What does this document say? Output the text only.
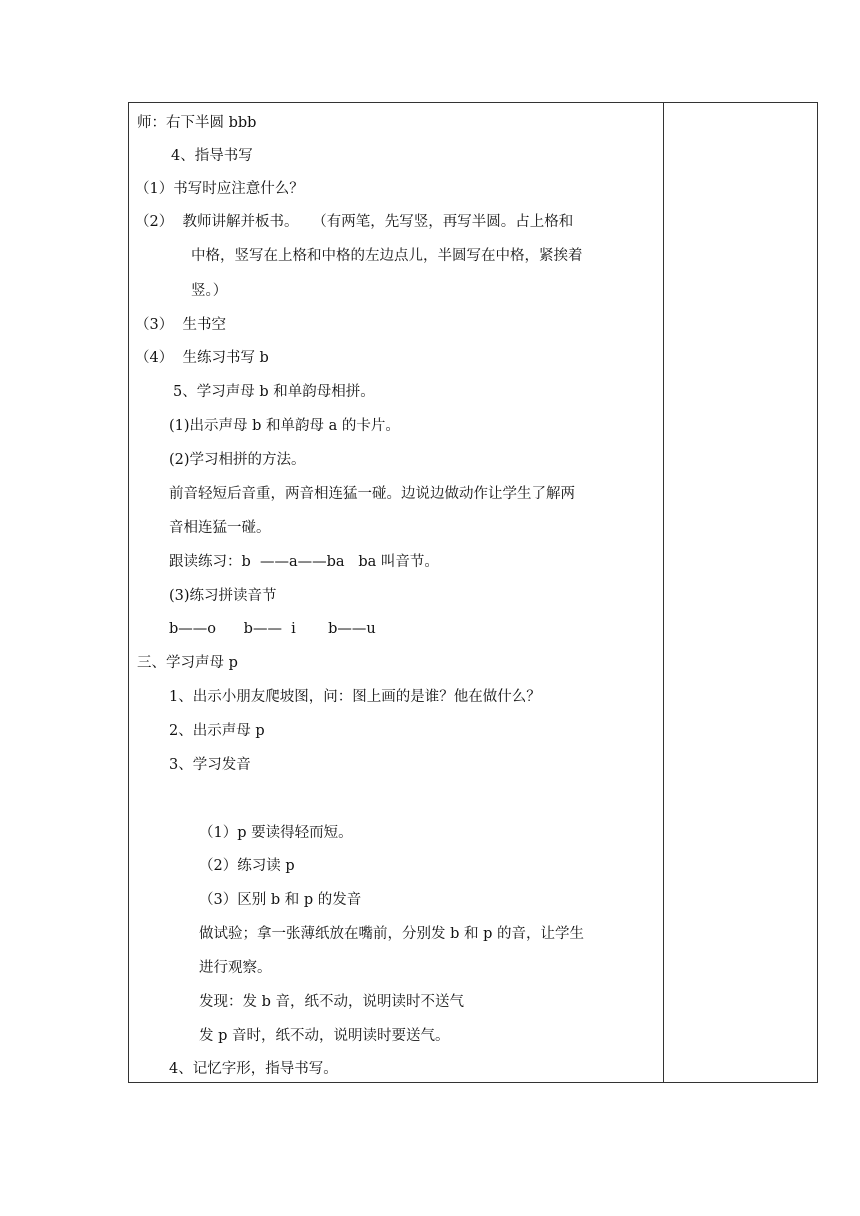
师：右下半圆 bbb
4、指导书写
（1）书写时应注意什么？
（2）  教师讲解并板书。   （有两笔，先写竖，再写半圆。占上格和
中格，竖写在上格和中格的左边点儿，半圆写在中格，紧挨着
竖。）
（3）  生书空
（4）  生练习书写 b
5、学习声母 b 和单韵母相拼。
(1)出示声母 b 和单韵母 a 的卡片。
(2)学习相拼的方法。
前音轻短后音重，两音相连猛一碰。边说边做动作让学生了解两
音相连猛一碰。
跟读练习：b  ——a——ba   ba 叫音节。
(3)练习拼读音节
b——o      b——  i       b——u
三、学习声母 p
1、出示小朋友爬坡图，问：图上画的是谁？他在做什么？
2、出示声母 p
3、学习发音
（1）p 要读得轻而短。
（2）练习读 p
（3）区别 b 和 p 的发音
做试验；拿一张薄纸放在嘴前，分别发 b 和 p 的音，让学生
进行观察。
发现：发 b 音，纸不动，说明读时不送气
发 p 音时，纸不动，说明读时要送气。
4、记忆字形，指导书写。
